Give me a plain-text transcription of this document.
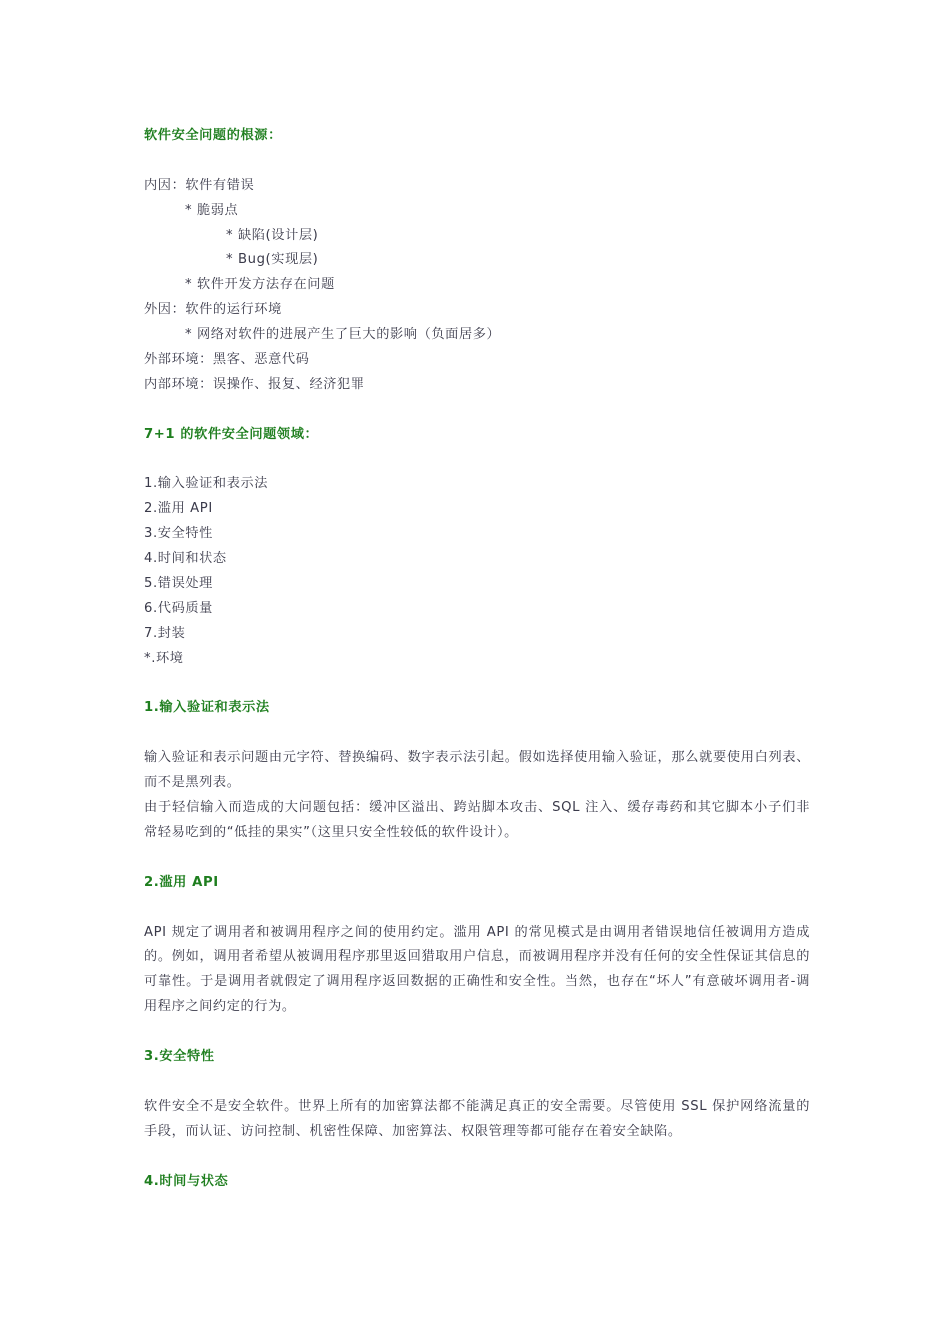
软件安全问题的根源：
内因：软件有错误
* 脆弱点
* 缺陷(设计层)
* Bug(实现层)
* 软件开发方法存在问题
外因：软件的运行环境
* 网络对软件的进展产生了巨大的影响（负面居多）
外部环境：黑客、恶意代码
内部环境：误操作、报复、经济犯罪
7+1 的软件安全问题领域：
1.输入验证和表示法
2.滥用 API
3.安全特性
4.时间和状态
5.错误处理
6.代码质量
7.封装
*.环境
1.输入验证和表示法
输入验证和表示问题由元字符、替换编码、数字表示法引起。假如选择使用输入验证，那么就要使用白列表、而不是黑列表。
由于轻信输入而造成的大问题包括：缓冲区溢出、跨站脚本攻击、SQL 注入、缓存毒药和其它脚本小子们非常轻易吃到的“低挂的果实”（这里只安全性较低的软件设计）。
2.滥用 API
API 规定了调用者和被调用程序之间的使用约定。滥用 API 的常见模式是由调用者错误地信任被调用方造成的。例如，调用者希望从被调用程序那里返回猎取用户信息，而被调用程序并没有任何的安全性保证其信息的可靠性。于是调用者就假定了调用程序返回数据的正确性和安全性。当然，也存在“坏人”有意破坏调用者-调用程序之间约定的行为。
3.安全特性
软件安全不是安全软件。世界上所有的加密算法都不能满足真正的安全需要。尽管使用 SSL 保护网络流量的手段，而认证、访问控制、机密性保障、加密算法、权限管理等都可能存在着安全缺陷。
4.时间与状态
